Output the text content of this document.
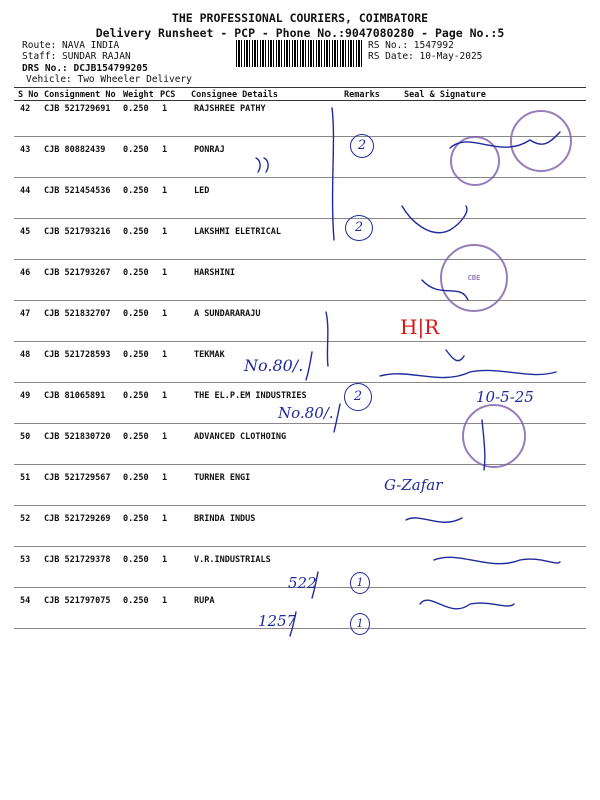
THE PROFESSIONAL COURIERS, COIMBATORE
Delivery Runsheet - PCP - Phone No.:9047080280 - Page No.:5
Route: NAVA INDIA
Staff: SUNDAR RAJAN
DRS No.: DCJB154799205
Vehicle: Two Wheeler Delivery
RS No.: 1547992
RS Date: 10-May-2025
S No Consignment No Weight PCS Consignee Details	Remarks	Seal & Signature
42 CJB 521729691 0.250 1	RAJSHREE PATHY
43 CJB 80882439 0.250 1	PONRAJ
44 CJB 521454536 0.250 1	LED
45 CJB 521793216 0.250 1	LAKSHMI ELETRICAL
46 CJB 521793267 0.250 1	HARSHINI
47 CJB 521832707 0.250 1	A SUNDARARAJU
48 CJB 521728593 0.250 1	TEKMAK
49 CJB 81065891 0.250 1	THE EL.P.EM INDUSTRIES
50 CJB 521830720 0.250 1	ADVANCED CLOTHOING
51 CJB 521729567 0.250 1	TURNER ENGI
52 CJB 521729269 0.250 1	BRINDA INDUS
53 CJB 521729378 0.250 1	V.R.INDUSTRIALS
54 CJB 521797075 0.250 1	RUPA
H|R
No.80/.
No.80/.
10-5-25
522
1257
G-Zafar
2
2
2
1
1
CBE
